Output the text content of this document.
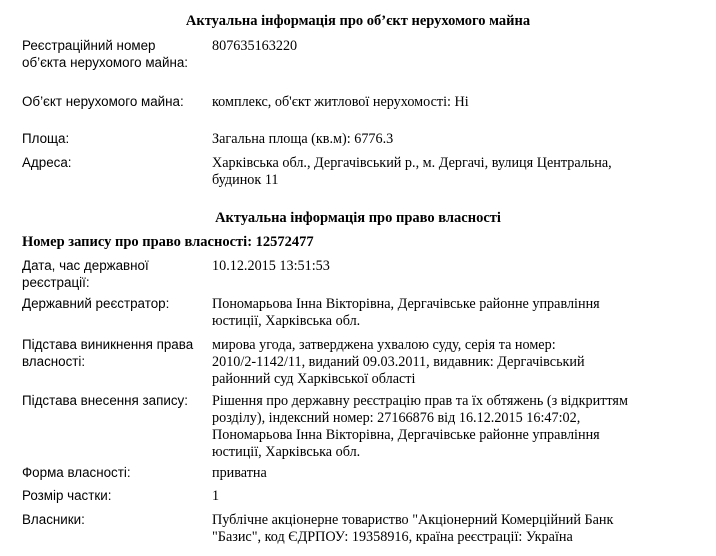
Актуальна інформація про об’єкт нерухомого майна
Реєстраційний номер об’єкта нерухомого майна:
807635163220
Об’єкт нерухомого майна:	комплекс, об'єкт житлової нерухомості: Ні
Площа:	Загальна площа (кв.м): 6776.3
Адреса:	Харківська обл., Дергачівський р., м. Дергачі, вулиця Центральна,
будинок 11
Актуальна інформація про право власності
Номер запису про право власності: 12572477
Дата, час державної реєстрації:
10.12.2015 13:51:53
Державний реєстратор:	Пономарьова Інна Вікторівна, Дергачівське районне управління
юстиції, Харківська обл.
Підстава виникнення права власності:
мирова угода, затверджена ухвалою суду, серія та номер:
2010/2-1142/11, виданий 09.03.2011, видавник: Дергачівський
районний суд Харківської області
Підстава внесення запису:	Рішення про державну реєстрацію прав та їх обтяжень (з відкриттям
розділу), індексний номер: 27166876 від 16.12.2015 16:47:02,
Пономарьова Інна Вікторівна, Дергачівське районне управління
юстиції, Харківська обл.
Форма власності:	приватна
Розмір частки:	1
Власники:	Публічне акціонерне товариство "Акціонерний Комерційний Банк
"Базис", код ЄДРПОУ: 19358916, країна реєстрації: Україна
